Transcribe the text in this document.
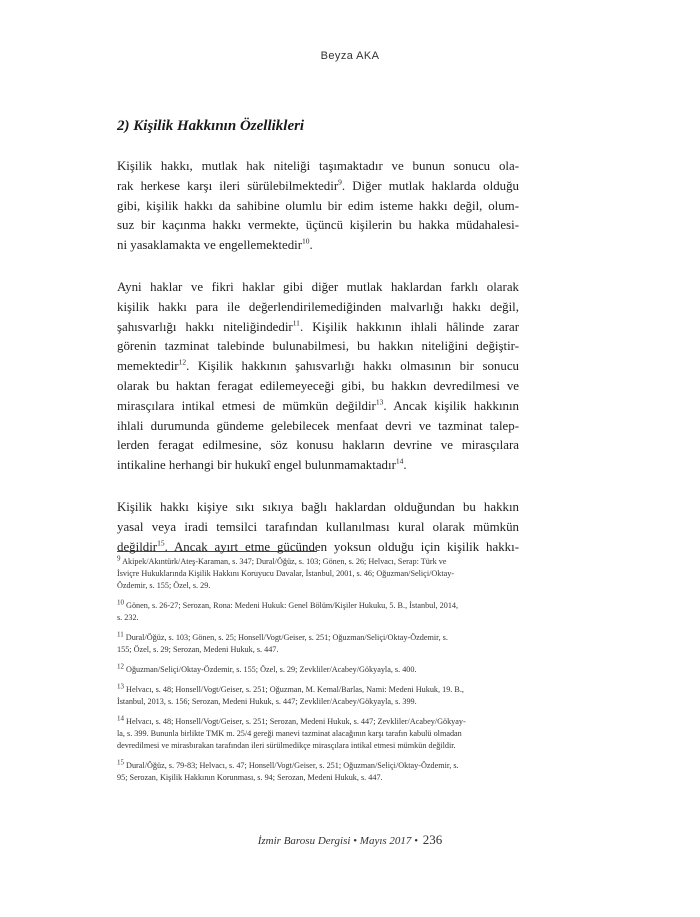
Beyza AKA
2) Kişilik Hakkının Özellikleri

Kişilik hakkı, mutlak hak niteliği taşımaktadır ve bunun sonucu ola-
rak herkese karşı ileri sürülebilmektedir$^9$. Diğer mutlak haklarda olduğu
gibi, kişilik hakkı da sahibine olumlu bir edim isteme hakkı değil, olum-
suz bir kaçınma hakkı vermekte, üçüncü kişilerin bu hakka müdahalesi-
ni yasaklamakta ve engellemektedir$^{10}$.

Ayni haklar ve fikri haklar gibi diğer mutlak haklardan farklı olarak
kişilik hakkı para ile değerlendirilemediğinden malvarlığı hakkı değil,
şahısvarlığı hakkı niteliğindedir$^{11}$. Kişilik hakkının ihlali hâlinde zarar
görenin tazminat talebinde bulunabilmesi, bu hakkın niteliğini değiştir-
memektedir$^{12}$. Kişilik hakkının şahısvarlığı hakkı olmasının bir sonucu
olarak bu haktan feragat edilemeyeceği gibi, bu hakkın devredilmesi ve
mirasçılara intikal etmesi de mümkün değildir$^{13}$. Ancak kişilik hakkının
ihlali durumunda gündeme gelebilecek menfaat devri ve tazminat talep-
lerden feragat edilmesine, söz konusu hakların devrine ve mirasçılara
intikaline herhangi bir hukukî engel bulunmamaktadır$^{14}$.

Kişilik hakkı kişiye sıkı sıkıya bağlı haklardan olduğundan bu hakkın
yasal veya iradi temsilci tarafından kullanılması kural olarak mümkün
değildir$^{15}$. Ancak ayırt etme gücünden yoksun olduğu için kişilik hakkı-

9 Akipek/Akıntürk/Ateş-Karaman, s. 347; Dural/Öğüz, s. 103; Gönen, s. 26; Helvacı, Serap: Türk ve
İsviçre Hukuklarında Kişilik Hakkını Koruyucu Davalar, İstanbul, 2001, s. 46; Oğuzman/Seliçi/Oktay-
Özdemir, s. 155; Özel, s. 29.
10 Gönen, s. 26-27; Serozan, Rona: Medeni Hukuk: Genel Bölüm/Kişiler Hukuku, 5. B., İstanbul, 2014,
s. 232.
11 Dural/Öğüz, s. 103; Gönen, s. 25; Honsell/Vogt/Geiser, s. 251; Oğuzman/Seliçi/Oktay-Özdemir, s.
155; Özel, s. 29; Serozan, Medeni Hukuk, s. 447.
12 Oğuzman/Seliçi/Oktay-Özdemir, s. 155; Özel, s. 29; Zevkliler/Acabey/Gökyayla, s. 400.
13 Helvacı, s. 48; Honsell/Vogt/Geiser, s. 251; Oğuzman, M. Kemal/Barlas, Nami: Medeni Hukuk, 19. B.,
İstanbul, 2013, s. 156; Serozan, Medeni Hukuk, s. 447; Zevkliler/Acabey/Gökyayla, s. 399.
14 Helvacı, s. 48; Honsell/Vogt/Geiser, s. 251; Serozan, Medeni Hukuk, s. 447; Zevkliler/Acabey/Gökyay-
la, s. 399. Bununla birlikte TMK m. 25/4 gereği manevi tazminat alacağının karşı tarafın kabulü olmadan
devredilmesi ve mirasbırakan tarafından ileri sürülmedikçe mirasçılara intikal etmesi mümkün değildir.
15 Dural/Öğüz, s. 79-83; Helvacı, s. 47; Honsell/Vogt/Geiser, s. 251; Oğuzman/Seliçi/Oktay-Özdemir, s.
95; Serozan, Kişilik Hakkının Korunması, s. 94; Serozan, Medeni Hukuk, s. 447.
İzmir Barosu Dergisi • Mayıs 2017 • 236
